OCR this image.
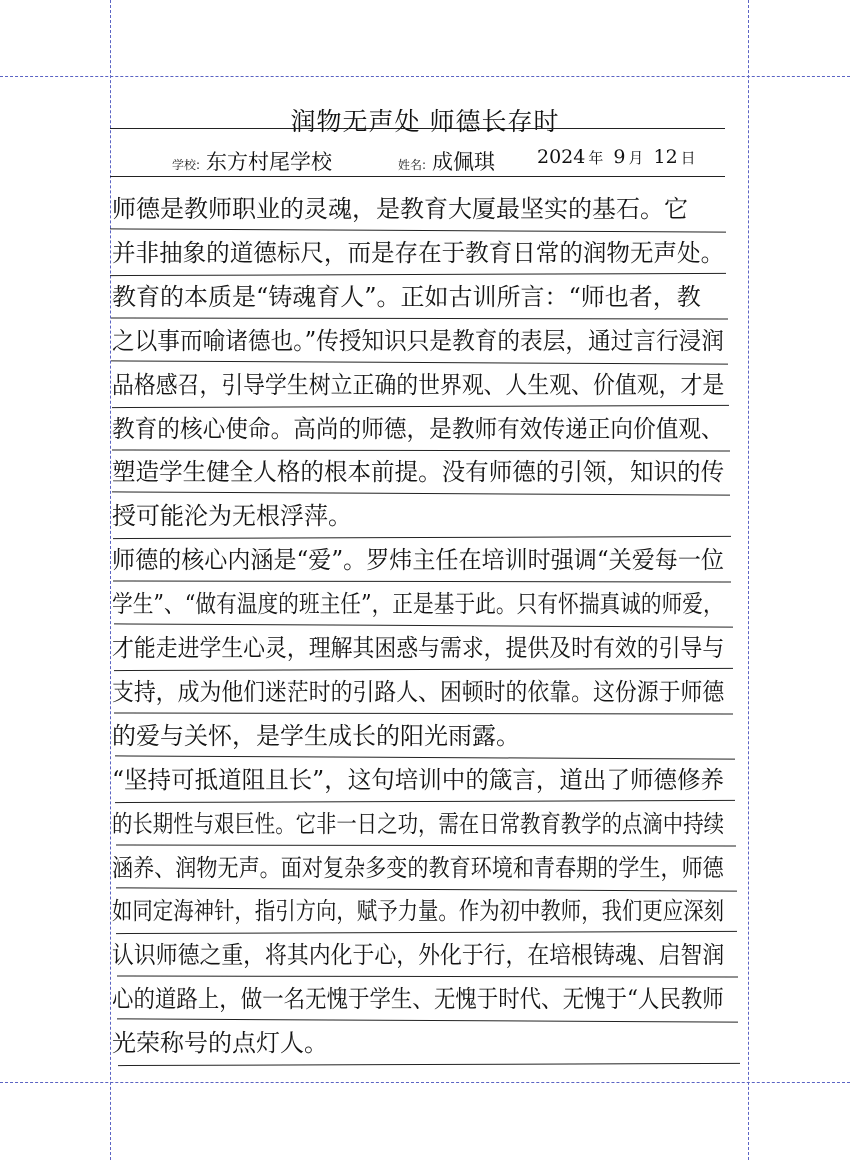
润物无声处 师德长存时
学校: 东方村尾学校	姓名: 成佩琪 2024 年 9 月 12 日
师德是教师职业的灵魂，是教育大厦最坚实的基石。它
并非抽象的道德标尺，而是存在于教育日常的润物无声处。
教育的本质是“铸魂育人”。正如古训所言：“师也者，教
之以事而喻诸德也。”传授知识只是教育的表层，通过言行浸润
品格感召，引导学生树立正确的世界观、人生观、价值观，才是
教育的核心使命。高尚的师德，是教师有效传递正向价值观、
塑造学生健全人格的根本前提。没有师德的引领，知识的传
授可能沦为无根浮萍。
师德的核心内涵是“爱”。罗炜主任在培训时强调“关爱每一位
学生”、“做有温度的班主任”，正是基于此。只有怀揣真诚的师爱，
才能走进学生心灵，理解其困惑与需求，提供及时有效的引导与
支持，成为他们迷茫时的引路人、困顿时的依靠。这份源于师德
的爱与关怀，是学生成长的阳光雨露。
“坚持可抵道阻且长”，这句培训中的箴言，道出了师德修养
的长期性与艰巨性。它非一日之功，需在日常教育教学的点滴中持续
涵养、润物无声。面对复杂多变的教育环境和青春期的学生，师德
如同定海神针，指引方向，赋予力量。作为初中教师，我们更应深刻
认识师德之重，将其内化于心，外化于行，在培根铸魂、启智润
心的道路上，做一名无愧于学生、无愧于时代、无愧于“人民教师
光荣称号的点灯人。
